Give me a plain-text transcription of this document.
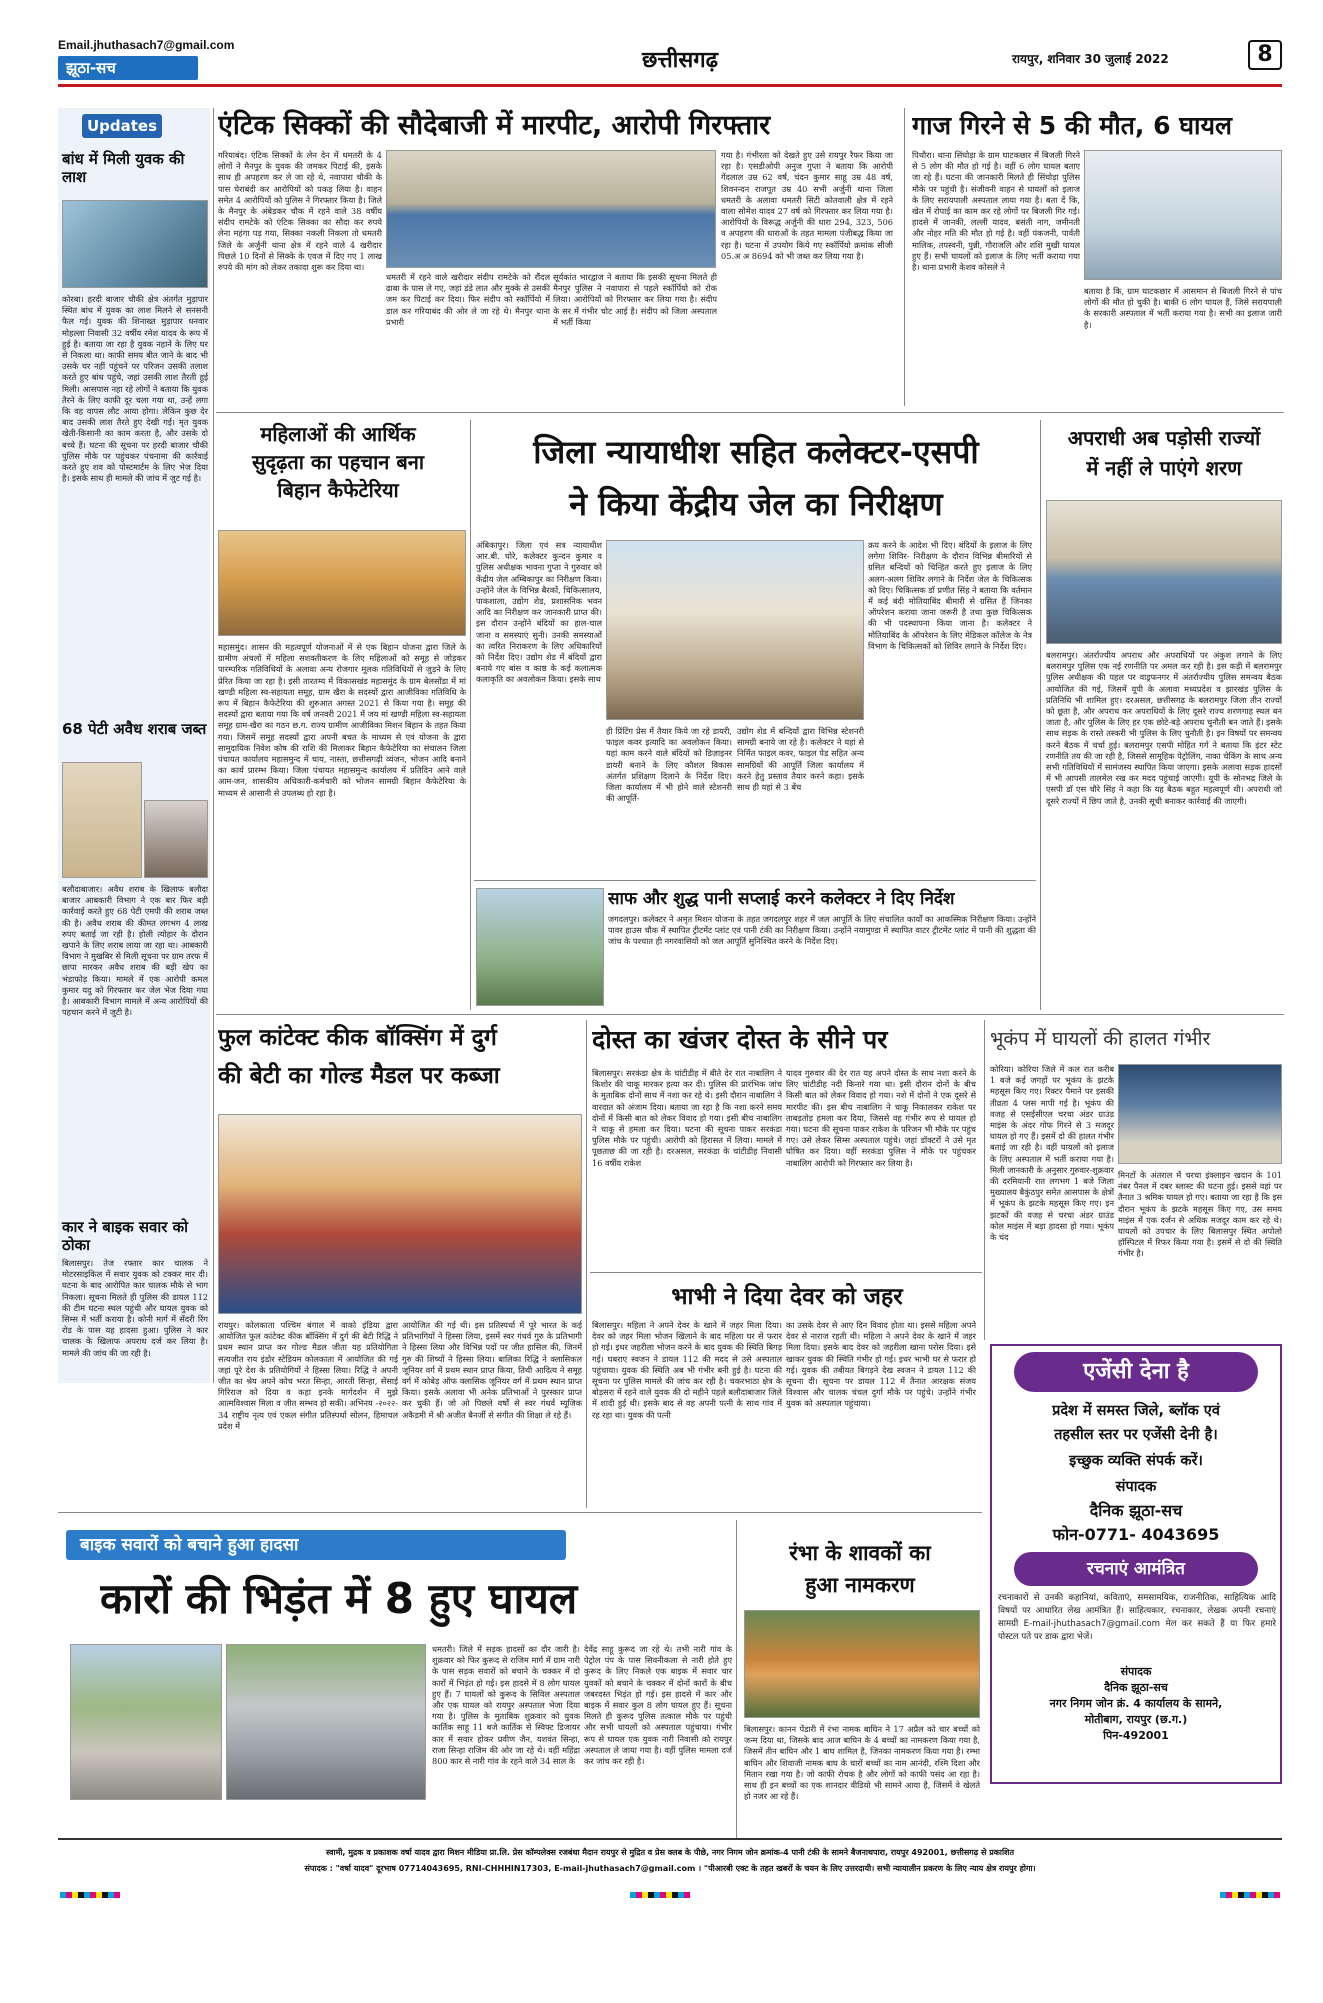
Email.jhuthasach7@gmail.com
झूठा-सच	छत्तीसगढ़	रायपुर, शनिवार 30 जुलाई 2022	8
Updates
बांध में मिली युवक की लाश
कोरबा। हरदी बाजार चौकी क्षेत्र अंतर्गत मुड़ापार स्थित बांध में युवक का लाश मिलने से सनसनी फैल गई। युवक की शिनाख्त मुड़ापार धनवार मोहल्ला निवासी 32 वर्षीय रमेश यादव के रूप में हुई है। बताया जा रहा है युवक नहाने के लिए घर से निकला था। काफी समय बीत जाने के बाद भी उसके घर नहीं पहुंचने पर परिजन उसकी तलाश करते हुए बांध पहुंचे, जहां उसकी लाश तैरती हुई मिली। आसपास नहा रहे लोगों ने बताया कि युवक तैरने के लिए काफी दूर चला गया था, उन्हें लगा कि वह वापस लौट आया होगा। लेकिन कुछ देर बाद उसकी लाश तैरते हुए देखी गई। मृत युवक खेती-किसानी का काम करता है, और उसके दो बच्चे हैं। घटना की सूचना पर हरदी बाजार चौकी पुलिस मौके पर पहुंचकर पंचनामा की कार्रवाई करते हुए शव को पोस्टमार्टम के लिए भेज दिया है। इसके साथ ही मामले की जांच में जुट गई है।
68 पेटी अवैध शराब जब्त
बलौदाबाजार। अवैध शराब के खिलाफ बलौदा बाजार आबकारी विभाग ने एक बार फिर बड़ी कार्रवाई करते हुए 68 पेटी एमपी की शराब जब्त की है। अवैध शराब की कीमत लगभग 4 लाख रुपए बताई जा रही है। होली त्योहार के दौरान खपाने के लिए शराब लाया जा रहा था। आबकारी विभाग ने मुखबिर से मिली सूचना पर ग्राम तरफ में छापा मारकर अवैध शराब की बड़ी खेप का भंडाफोड़ किया। मामले में एक आरोपी कमल कुमार यदु को गिरफ्तार कर जेल भेज दिया गया है। आबकारी विभाग मामले में अन्य आरोपियों की पहचान करने में जुटी है।
कार ने बाइक सवार को ठोका
बिलासपुर। तेज रफ्तार कार चालक ने मोटरसाइकिल में सवार युवक को टक्कर मार दी। घटना के बाद आरोपित कार चालक मौके से भाग निकला। सूचना मिलते ही पुलिस की डायल 112 की टीम घटना स्थल पहुंची और घायल युवक को सिम्स में भर्ती कराया है। कोनी मार्ग में सेंदरी रिंग रोड के पास यह हादसा हुआ। पुलिस ने कार चालक के खिलाफ अपराध दर्ज कर लिया है। मामले की जांच की जा रही है।
एंटिक सिक्कों की सौदेबाजी में मारपीट, आरोपी गिरफ्तार
गरियाबंद। एंटिक सिक्कों के लेन देन में धमतरी के 4 लोगों ने मैनपुर के युवक की जमकर पिटाई की, इसके साथ ही अपहरण कर ले जा रहे थे, नवापारा चौकी के पास घेराबंदी कर आरोपियों को पकड़ लिया है। वाहन समेत 4 आरोपियों को पुलिस ने गिरफ्तार किया है। जिले के मैनपुर के अंबेडकर चौक में रहने वाले 38 वर्षीय संदीप रामटेके को एंटिक सिक्का का सौदा कर रुपये लेना महंगा पड़ गया, सिक्का नकली निकला तो धमतरी जिले के अर्जुनी थाना क्षेत्र में रहने वाले 4 खरीदार पिछले 10 दिनों से सिक्के के एवज में दिए गए 1 लाख रुपये की मांग को लेकर तकादा शुरू कर दिया था।
धमतरी में रहने वाले खरीदार संदीप रामटेके को रौंदल ढाबा के पास ले गए, जहां डंडे लात और मुक्के से उसकी जम कर पिटाई कर दिया। फिर संदीप को स्कॉर्पियो में डाल कर गरियाबंद की ओर ले जा रहे थे। मैनपुर थाना प्रभारी
सूर्यकांत भारद्वाज ने बताया कि इसकी सूचना मिलते ही मैनपुर पुलिस ने नवापारा से पहले स्कॉर्पियो को रोक लिया। आरोपियों को गिरफ्तार कर लिया गया है। संदीप के सर में गंभीर चोट आई है। संदीप को जिला अस्पताल में भर्ती किया
गया है। गंभीरता को देखते हुए उसे रायपुर रैफर किया जा रहा है। एसडीओपी अनुज गुप्ता ने बताया कि आरोपी गेंदलाल उम्र 62 वर्ष, चंदन कुमार साहू उम्र 48 वर्ष, शिवनन्दन राजपूत उम्र 40 सभी अर्जुनी थाना जिला धमतरी के अलावा धमतरी सिटी कोतवाली क्षेत्र में रहने वाला सोमेश यादव 27 वर्ष को गिरफ्तार कर लिया गया है। आरोपियों के विरूद्ध अर्जुनी की धारा 294, 323, 506 व अपहरण की धाराओं के तहत मामला पंजीबद्ध किया जा रहा है। घटना में उपयोग किये गए स्कॉर्पियो क्रमांक सीजी 05.अ अ 8694 को भी जब्त कर लिया गया है।
गाज गिरने से 5 की मौत, 6 घायल
पिथौरा। थाना सिंघोड़ा के ग्राम घाटकछार में बिजली गिरने से 5 लोग की मौत हो गई है। वहीं 6 लोग घायल बताए जा रहे हैं। घटना की जानकारी मिलते ही सिंघोड़ा पुलिस मौके पर पहुंची है। संजीवनी वाहन से घायलों को इलाज के लिए सरायपाली अस्पताल लाया गया है। बता दें कि, खेत में रोपाई का काम कर रहे लोगों पर बिजली गिर गई। हादसे में जानकी, लल्ली यादव, बसंती नाग, जमीनती और नोहर मति की मौत हो गई है। वहीं पंकजनी, पार्वती मालिक, तपस्वनी, पुन्नी, गौराजलि और शशि मुखी घायल हुए हैं। सभी घायलों को इलाज के लिए भर्ती कराया गया है। थाना प्रभारी केशव कोसले ने
बताया है कि, ग्राम घाटकछार में आसमान से बिजली गिरने से पांच लोगों की मौत हो चुकी है। बाकी 6 लोग घायल हैं, जिसे सरायपाली के सरकारी अस्पताल में भर्ती कराया गया है। सभी का इलाज जारी है।
महिलाओं की आर्थिक
सुदृढ़ता का पहचान बना
बिहान कैफेटेरिया
महासमुंद। शासन की महत्वपूर्ण योजनाओं में से एक बिहान योजना द्वारा जिले के ग्रामीण अंचलों में महिला सशक्तीकरण के लिए महिलाओं को समूह से जोड़कर पारम्परिक गतिविधियों के अलावा अन्य रोजगार मूलक गतिविधियों से जुड़ने के लिए प्रेरित किया जा रहा है। इसी तारतम्य में विकासखंड महासमुंद के ग्राम बेलसोंडा में मां खण्डी महिला स्व-सहायता समूह, ग्राम खैरा के सदस्यों द्वारा आजीविका गतिविधि के रूप में बिहान कैफेटेरिया की शुरुआत अगस्त 2021 से किया गया है। समूह की सदस्यों द्वारा बताया गया कि वर्ष जनवरी 2021 में जय मां खण्डी महिला स्व-सहायता समूह ग्राम-खैरा का गठन छ.ग. राज्य ग्रामीण आजीविका मिशन बिहान के तहत किया गया। जिसमें समूह सदस्यों द्वारा अपनी बचत के माध्यम से एवं योजना के द्वारा सामुदायिक निवेश कोष की राशि की मिलाकर बिहान कैफेटेरिया का संचालन जिला पंचायत कार्यालय महासमुन्द में चाय, नास्ता, छत्तीसगढ़ी व्यंजन, भोजन आदि बनाने का कार्य प्रारम्भ किया। जिला पंचायत महासमुन्द कार्यालय में प्रतिदिन आने वाले आम-जन, शासकीय अधिकारी-कर्मचारी को भोजन सामग्री बिहान कैफेटेरिया के माध्यम से आसानी से उपलब्ध हो रहा है।
जिला न्यायाधीश सहित कलेक्टर-एसपी
ने किया केंद्रीय जेल का निरीक्षण
अंबिकापुर। जिला एवं सत्र न्यायाधीश आर.बी. घोरे, कलेक्टर कुन्दन कुमार व पुलिस अधीक्षक भावना गुप्ता ने गुरुवार को केंद्रीय जेल अम्बिकापुर का निरीक्षण किया। उन्होंने जेल के विभिन्न बैरकों, चिकित्सालय, पाकशाला, उद्योग शेड, प्रशासनिक भवन आदि का निरीक्षण कर जानकारी प्राप्त की। इस दौरान उन्होंने बंदियों का हाल-चाल जाना व समस्याएं सुनी। उनकी समस्याओं का त्वरित निराकरण के लिए अधिकारियों को निर्देश दिए। उद्योग शेड में बंदियों द्वारा बनाये गए बांस व काष्ठ के कई कलात्मक कलाकृति का अवलोकन किया। इसके साथ
ही प्रिंटिंग प्रेस में तैयार किये जा रहे डायरी, फाइल कवर इत्यादि का अवलोकन किया। यहां काम करने वाले बंदियों को डिज़ाइनर डायरी बनाने के लिए कौशल विकास अंतर्गत प्रशिक्षण दिलाने के निर्देश दिए। जिला कार्यालय में भी होने वाले स्टेशनरी की आपूर्ति-
उद्योग शेड में बन्दियों द्वारा विभिन्न स्टेशनरी सामग्री बनाये जा रहे है। कलेक्टर ने यहां से निर्मित फाइल कवर, फाइल पेड सहित अन्य सामग्रियों की आपूर्ति जिला कार्यालय में करने हेतु प्रस्ताव तैयार करने कहा। इसके साथ ही यहां से 3 बेंच
क्रय करने के आदेश भी दिए। बंदियों के इलाज के लिए लगेगा शिविर- निरीक्षण के दौरान विभिन्न बीमारियों से ग्रसित बन्दियों को चिन्हित करते हुए इलाज के लिए अलग-अलग शिविर लगाने के निर्देश जेल के चिकित्सक को दिए। चिकित्सक डॉ प्रणीत सिंह ने बताया कि वर्तमान में कई बंदी मोतियाबिंद बीमारी से ग्रसित हैं जिनका ऑपरेशन कराया जाना जरूरी है तथा कुछ चिकित्सक की भी पदस्थापना किया जाना है। कलेक्टर ने मोतियाबिंद के ऑपरेशन के लिए मेडिकल कॉलेज के नेत्र विभाग के चिकित्सकों को शिविर लगाने के निर्देश दिए।
साफ और शुद्ध पानी सप्लाई करने कलेक्टर ने दिए निर्देश
जगदलपुर। कलेक्टर ने अमृत मिशन योजना के तहत जगदलपुर शहर में जल आपूर्ति के लिए संचालित कार्यों का आकस्मिक निरीक्षण किया। उन्होंने पावर हाउस चौक में स्थापित ट्रीटमेंट प्लांट एवं पानी टंकी का निरीक्षण किया। उन्होंने नयामुण्डा में स्थापित वाटर ट्रीटमेंट प्लांट में पानी की शुद्धता की जांच के पश्चात ही नगरवासियों को जल आपूर्ति सुनिश्चित करने के निर्देश दिए।
अपराधी अब पड़ोसी राज्यों
में नहीं ले पाएंगे शरण
बलरामपुर। अंतर्राज्यीय अपराध और अपराधियों पर अंकुश लगाने के लिए बलरामपुर पुलिस एक नई रणनीति पर अमल कर रही है। इस कड़ी में बलरामपुर पुलिस अधीक्षक की पहल पर वाड्रफनगर में अंतर्राज्यीय पुलिस समन्वय बैठक आयोजित की गई, जिसमें यूपी के अलावा मध्यप्रदेश व झारखंड पुलिस के प्रतिनिधि भी शामिल हुए। दरअसल, छत्तीसगढ़ के बलरामपुर जिला तीन राज्यों को छूता है, और अपराध कर अपराधियों के लिए दूसरे राज्य शरणगाह स्थल बन जाता है, और पुलिस के लिए हर एक छोटे-बड़े अपराध चुनौती बन जाते हैं। इसके साथ सड़क के रास्ते तस्करी भी पुलिस के लिए चुनौती है। इन विषयों पर समन्वय करने बैठक में चर्चा हुई। बलरामपुर एसपी मोहित गर्ग ने बताया कि इंटर स्टेट रणनीति तय की जा रही है, जिससे सामूहिक पेट्रोलिंग, नाका चेकिंग के साथ अन्य सभी गतिविधियों में सामंजस्य स्थापित किया जाएगा। इसके अलावा सड़क हादसों में भी आपसी तालमेल रख कर मदद पहुंचाई जाएगी। यूपी के सोनभद्र जिले के एसपी डॉ एस चौरे सिंह ने कहा कि यह बैठक बहुत महत्वपूर्ण थी। अपराधी जो दूसरे राज्यों में छिप जाते है, उनकी सूची बनाकर कार्रवाई की जाएगी।
फुल कांटेक्ट कीक बॉक्सिंग में दुर्ग
की बेटी का गोल्ड मैडल पर कब्जा
रायपुर। कोलकाता पश्चिम बंगाल में वाको इंडिया द्वारा आयोजित फुल कांटेक्ट कीक बॉक्सिंग में दुर्ग की बेटी रिद्धि ने प्रथम स्थान प्राप्त कर गोल्ड मैडल जीता यह प्रतियोगिता सत्यजीत राय इंडोर स्टेडियम कोलकाता में आयोजित की गई जहां पूरे देश के प्रतियोगियों ने हिस्सा लिया। रिद्धि ने अपनी जीत का श्रेय अपने कोच भरत सिन्हा, आरती सिन्हा, सेंसाई गिरिराज को दिया व कहा इनके मार्गदर्शन में मुझे आत्मविश्वास मिला व जीत सम्भव हो सकी। अभिनय -२०२२- 34 राष्ट्रीय नृत्य एवं एकल संगीत प्रतिस्पर्धा सोलन, हिमाचल प्रदेश में
आयोजित की गई थी। इस प्रतिस्पर्धा में पूरे भारत के कई प्रतिभागियों ने हिस्सा लिया, इसमें स्वर गंधर्व गुरु के प्रतिभागी ने हिस्सा लिया और विभिन्न पदों पर जीत हासिल की, जिनमें गुरु की शिष्यों ने हिस्सा लिया। बालिका रिद्धि ने क्लासिकल जूनियर वर्ग में प्रथम स्थान प्राप्त किया, तिथी आदित्य ने समूह वर्ग में कोबेड़ ऑफ क्लासिक जूनियर वर्ग में प्रथम स्थान प्राप्त किया। इसके अलावा भी अनेक प्रतिभाओं ने पुरस्कार प्राप्त कर चुकी हैं। जो ओ पिछले वर्षों से स्वर गंधर्व म्यूजिक अकैडमी में श्री अजीत बैनर्जी से संगीत की शिक्षा ले रहे हैं।
दोस्त का खंजर दोस्त के सीने पर
बिलासपुर। सरकंडा क्षेत्र के चांटीडीह में बीते देर रात नाबालिग ने किशोर की चाकू मारकर हत्या कर दी। पुलिस की प्रारंभिक जांच के मुताबिक दोनों साथ में नशा कर रहे थे। इसी दौरान नाबालिग ने वारदात को अंजाम दिया। बताया जा रहा है कि नशा करने समय दोनों में किसी बात को लेकर विवाद हो गया। इसी बीच नाबालिग ने चाकू से हमला कर दिया। घटना की सूचना पाकर सरकंडा पुलिस मौके पर पहुंची। आरोपी को हिरासत में लिया। मामले में पूछताछ की जा रही है। दरअसल, सरकंडा के चांटीडीह निवासी 16 वर्षीय राकेश
यादव गुरुवार की देर रात यह अपने दोस्त के साथ नशा करने के लिए चांटीडीह नदी किनारे गया था। इसी दौरान दोनों के बीच किसी बात को लेकर विवाद हो गया। नशे में दोनों ने एक दूसरे से मारपीट की। इस बीच नाबालिग ने चाकू निकालकर राकेश पर ताबड़तोड़ हमला कर दिया, जिससे वह गंभीर रूप से घायल हो गया। घटना की सूचना पाकर राकेश के परिजन भी मौके पर पहुंच गए। उसे लेकर सिम्स अस्पताल पहुंचे। जहां डॉक्टरों ने उसे मृत घोषित कर दिया। वहीं सरकंडा पुलिस ने मौके पर पहुंचकर नाबालिग आरोपी को गिरफ्तार कर लिया है।
भाभी ने दिया देवर को जहर
बिलासपुर। महिला ने अपने देवर के खाने में जहर मिला दिया। देवर को जहर मिला भोजन खिलाने के बाद महिला घर से फरार हो गई। इधर जहरीला भोजन करने के बाद युवक की स्थिति बिगड़ गई। घबराए स्वजन ने डायल 112 की मदद से उसे अस्पताल पहुंचाया। युवक की स्थिति अब भी गंभीर बनी हुई है। घटना की सूचना पर पुलिस मामले की जांच कर रही है। चकरभाठा क्षेत्र के बोड़सरा में रहने वाले युवक की दो महीने पहले बलौदाबाजार जिले में शादी हुई थी। इसके बाद से वह अपनी पत्नी के साथ गांव में रह रहा था। युवक की पत्नी
का उसके देवर से आए दिन विवाद होता था। इससे महिला अपने देवर से नाराज रहती थी। महिला ने अपने देवर के खाने में जहर मिला दिया। इसके बाद देवर को जहरीला खाना परोस दिया। इसे खाकर युवक की स्थिति गंभीर हो गई। इधर भाभी घर से फरार हो गई। युवक की तबीयत बिगड़ने देख स्वजन ने डायल 112 की सूचना दी। सूचना पर डायल 112 में तैनात आरक्षक संजय विश्वास और चालक चंचल दुर्गा मौके पर पहुंचे। उन्होंने गंभीर युवक को अस्पताल पहुंचाया।
भूकंप में घायलों की हालत गंभीर
कोरिया। कोरिया जिले में कल रात करीब 1 बजे कई जगहों पर भूकंप के झटके महसूस किए गए। रिक्टर पैमाने पर इसकी तीव्रता 4 प्लस मापी गई है। भूकंप की वजह से एसईसीएल चरचा अंडर ग्राउंड माइंस के अंदर गोफ गिरने से 3 मजदूर घायल हो गए हैं। इसमें दो की हालत गंभीर बताई जा रही है। वहीं घायलों को इलाज के लिए अस्पताल में भर्ती कराया गया है। मिली जानकारी के अनुसार गुरुवार-शुक्रवार की दरमियानी रात लगभग 1 बजे जिला मुख्यालय बैकुंठपुर समेत आसपास के क्षेत्रों में भूकंप के झटके महसूस किए गए। इन झटकों की वजह से चरचा अंडर ग्राउंड कोल माइंस में बड़ा हादसा हो गया। भूकंप के चंद
मिनटों के अंतराल में चरचा इंक्लाइन खदान के 101 नंबर पैनल में दबर ब्लास्ट की घटना हुई। इससे वहां पर तैनात 3 श्रमिक घायल हो गए। बताया जा रहा है कि इस दौरान भूकंप के झटके महसूस किए गए, उस समय माइंस में एक दर्जन से अधिक मजदूर काम कर रहे थे। घायलों को उपचार के लिए बिलासपुर स्थित अपोलो हॉस्पिटल में रिफर किया गया है। इसमें से दो की स्थिति गंभीर है।
एजेंसी देना है
प्रदेश में समस्त जिले, ब्लॉक एवं
तहसील स्तर पर एजेंसी देनी है।
इच्छुक व्यक्ति संपर्क करें।
संपादक
दैनिक झूठा-सच
फोन-0771- 4043695
रचनाएं आमंत्रित
रचनाकारों से उनकी कहानियां, कविताएं, समसामयिक, राजनीतिक, साहित्यिक आदि विषयों पर आधारित लेख आमंत्रित हैं। साहित्यकार, रचनाकार, लेखक अपनी रचनाएं सामग्री E-mail-jhuthasach7@gmail.com मेल कर सकते हैं या फिर हमारे पोस्टल पते पर डाक द्वारा भेजें।
संपादक
दैनिक झूठा-सच
नगर निगम जोन क्रं. 4 कार्यालय के सामने,
मोतीबाग, रायपुर (छ.ग.)
पिन-492001
बाइक सवारों को बचाने हुआ हादसा
कारों की भिड़ंत में 8 हुए घायल
धमतरी। जिले में सड़क हादसों का दौर जारी है। शुक्रवार को फिर कुरूद से राजिम मार्ग में ग्राम नारी के पास सड़क सवारों को बचाने के चक्कर में दो कारों में भिड़ंत हो गई। इस हादसे में 8 लोग घायल हुए हैं। 7 घायलों को कुरूद के सिविल अस्पताल और एक घायल को रायपुर अस्पताल भेजा दिया गया है। पुलिस के मुताबिक शुक्रवार को युवक कार्तिक साहू 11 बजे कार्तिक से स्विफ्ट डिजायर कार में सवार होकर प्रवीण जैन, यशवंत सिन्हा, राजा सिन्हा राजिम की ओर जा रहे थे। वहीं महिंद्रा 800 कार से नारी गांव के रहने वाले 34 साल के
देवेंद्र साहू कुरूद जा रहे थे। तभी नारी गांव के पेट्रोल पंप के पास सिवनीकला से नारी होते हुए कुरूद के लिए निकले एक बाइक में सवार चार युवकों को बचाने के चक्कर में दोनों कारों के बीच जबरदस्त भिड़ंत हो गई। इस हादसे में कार और बाइक में सवार कुल 8 लोग घायल हुए हैं। सूचना मिलते ही कुरूद पुलिस तत्काल मौके पर पहुंची और सभी घायलों को अस्पताल पहुंचाया। गंभीर रूप से घायल एक युवक नारी निवासी को रायपुर अस्पताल ले जाया गया है। वहीं पुलिस मामला दर्ज कर जांच कर रही है।
रंभा के शावकों का
हुआ नामकरण
बिलासपुर। कानन पेंडारी में रंभा नामक बाघिन ने 17 अप्रैल को चार बच्चों को जन्म दिया था, जिसके बाद आज बाघिन के 4 बच्चों का नामकरण किया गया है, जिसमें तीन बाघिन और 1 बाघ शामिल है, जिनका नामकरण किया गया है। रम्भा बाघिन और शिवाजी नामक बाघ के चारों बच्चों का नाम आनंदी, रश्मि दिशा और मितान रखा गया है। जो काफी रोचक है और लोगों को काफी पसंद आ रहा है। साथ ही इन बच्चों का एक शानदार वीडियो भी सामने आया है, जिसमें वे खेलते हो नजर आ रहे हैं।
स्वामी, मुद्रक व प्रकाशक वर्षा यादव द्वारा मिशन मीडिया प्रा.लि. प्रेस कॉम्पलेक्स रजबंधा मैदान रायपुर से मुद्रित व प्रेस क्लब के पीछे, नगर निगम जोन क्रमांक-4 पानी टंकी के सामने बैजनाथपारा, रायपुर 492001, छत्तीसगढ़ से प्रकाशित
संपादक : "वर्षा यादव" दूरभाष 07714043695, RNI-CHHHIN17303, E-mail-jhuthasach7@gmail.com । "पीआरबी एक्ट के तहत खबरों के चयन के लिए उत्तरदायी। सभी न्यायालीन प्रकरण के लिए न्याय क्षेत्र रायपुर होगा।
